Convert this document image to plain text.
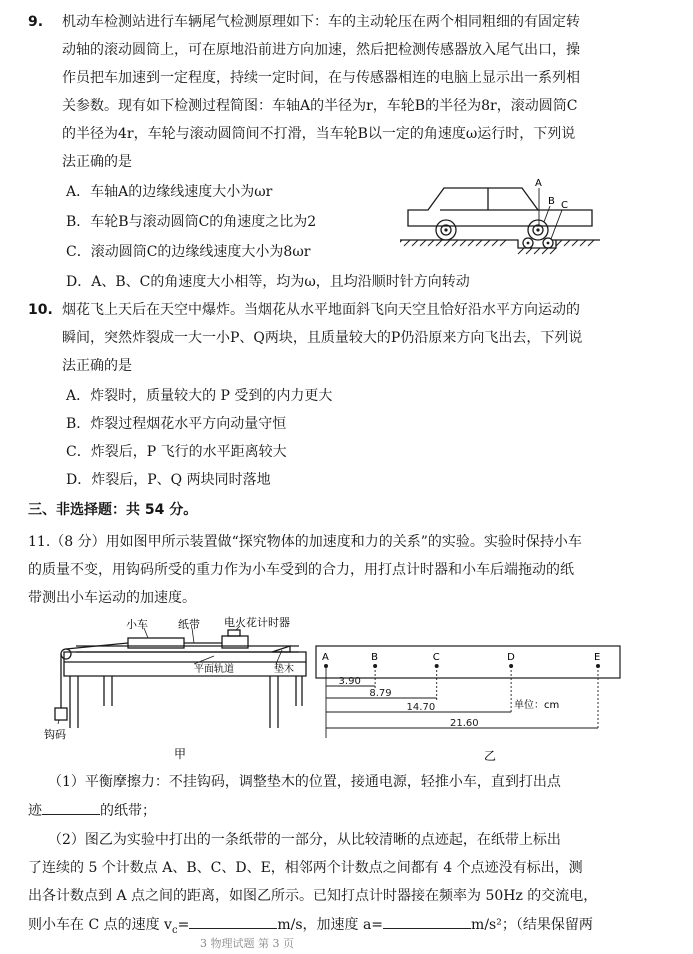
9. 机动车检测站进行车辆尾气检测原理如下：车的主动轮压在两个相同粗细的有固定转
动轴的滚动圆筒上，可在原地沿前进方向加速，然后把检测传感器放入尾气出口，操
作员把车加速到一定程度，持续一定时间，在与传感器相连的电脑上显示出一系列相
关参数。现有如下检测过程简图：车轴A的半径为r，车轮B的半径为8r，滚动圆筒C
的半径为4r，车轮与滚动圆筒间不打滑，当车轮B以一定的角速度ω运行时，下列说
法正确的是
A．车轴A的边缘线速度大小为ωr
B．车轮B与滚动圆筒C的角速度之比为2
C．滚动圆筒C的边缘线速度大小为8ωr
D．A、B、C的角速度大小相等，均为ω，且均沿顺时针方向转动
A
B C
10. 烟花飞上天后在天空中爆炸。当烟花从水平地面斜飞向天空且恰好沿水平方向运动的
瞬间，突然炸裂成一大一小P、Q两块，且质量较大的P仍沿原来方向飞出去，下列说
法正确的是
A．炸裂时，质量较大的 P 受到的内力更大
B．炸裂过程烟花水平方向动量守恒
C．炸裂后，P 飞行的水平距离较大
D．炸裂后，P、Q 两块同时落地
三、非选择题：共 54 分。
11.（8 分）用如图甲所示装置做“探究物体的加速度和力的关系”的实验。实验时保持小车
的质量不变，用钩码所受的重力作为小车受到的合力，用打点计时器和小车后端拖动的纸
带测出小车运动的加速度。
小车	纸带 电火花计时器
平面轨道	垫木
钩码
甲
A	B	C	D	E
3.90
8.79
14.70
21.60
单位：cm
乙
（1）平衡摩擦力：不挂钩码，调整垫木的位置，接通电源，轻推小车，直到打出点
迹	的纸带；
（2）图乙为实验中打出的一条纸带的一部分，从比较清晰的点迹起，在纸带上标出
了连续的 5 个计数点 A、B、C、D、E，相邻两个计数点之间都有 4 个点迹没有标出，测
出各计数点到 A 点之间的距离，如图乙所示。已知打点计时器接在频率为 50Hz 的交流电，
则小车在 C 点的速度 $v_c=$	m/s，加速度 a=	m/s²；（结果保留两
3 物理试题 第 3 页
